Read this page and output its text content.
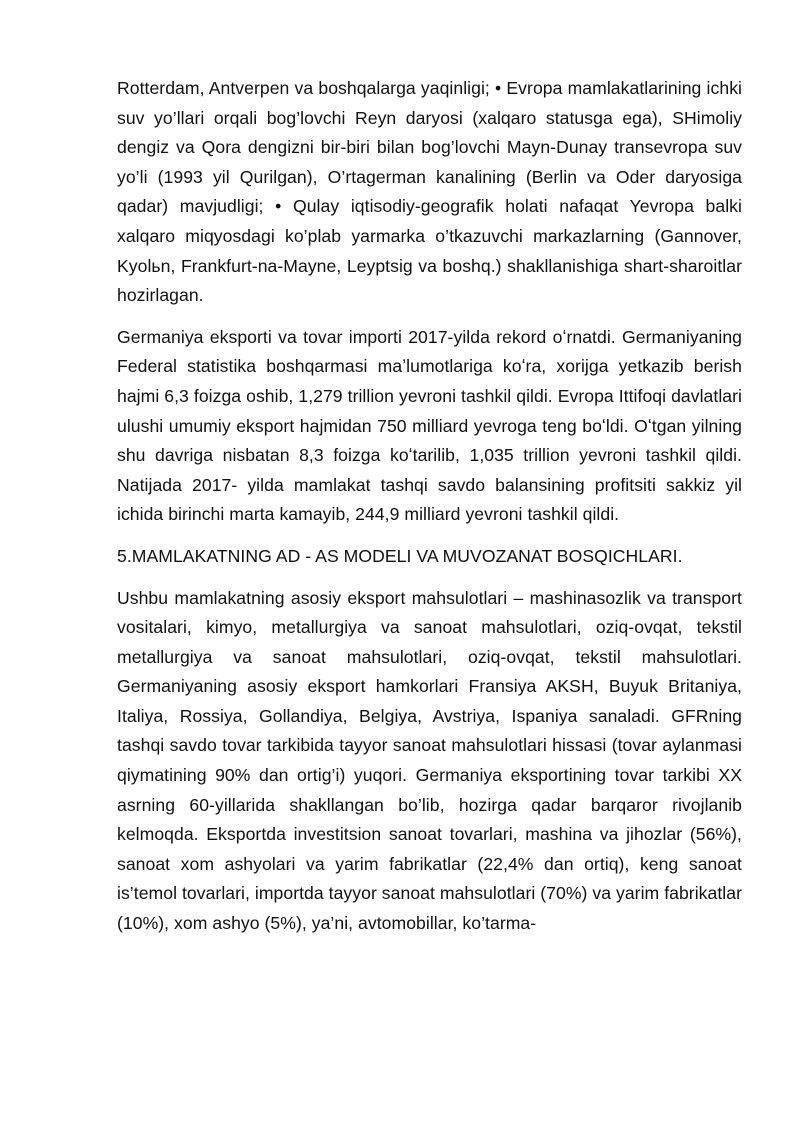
Rotterdam, Antverpen va boshqalarga yaqinligi; • Evropa mamlakatlarining ichki suv yo’llari orqali bog’lovchi Reyn daryosi (xalqaro statusga ega), SHimoliy dengiz va Qora dengizni bir-biri bilan bog’lovchi Mayn-Dunay transevropa suv yo’li (1993 yil Qurilgan), O’rtagerman kanalining (Berlin va Oder daryosiga qadar) mavjudligi; • Qulay iqtisodiy-geografik holati nafaqat Yevropa balki xalqaro miqyosdagi ko’plab yarmarka o’tkazuvchi markazlarning (Gannover, Kyolьn, Frankfurt-na-Mayne, Leyptsig va boshq.) shakllanishiga shart-sharoitlar hozirlagan.

Germaniya eksporti va tovar importi 2017-yilda rekord oʻrnatdi. Germaniyaning Federal statistika boshqarmasi maʼlumotlariga koʻra, xorijga yetkazib berish hajmi 6,3 foizga oshib, 1,279 trillion yevroni tashkil qildi. Evropa Ittifoqi davlatlari ulushi umumiy eksport hajmidan 750 milliard yevroga teng boʻldi. Oʻtgan yilning shu davriga nisbatan 8,3 foizga koʻtarilib, 1,035 trillion yevroni tashkil qildi. Natijada 2017- yilda mamlakat tashqi savdo balansining profitsiti sakkiz yil ichida birinchi marta kamayib, 244,9 milliard yevroni tashkil qildi.

5.MAMLAKATNING AD - AS MODELI VA MUVOZANAT BOSQICHLARI.

Ushbu mamlakatning asosiy eksport mahsulotlari – mashinasozlik va transport vositalari, kimyo, metallurgiya va sanoat mahsulotlari, oziq-ovqat, tekstil metallurgiya va sanoat mahsulotlari, oziq-ovqat, tekstil mahsulotlari. Germaniyaning asosiy eksport hamkorlari Fransiya AKSH, Buyuk Britaniya, Italiya, Rossiya, Gollandiya, Belgiya, Avstriya, Ispaniya sanaladi. GFRning tashqi savdo tovar tarkibida tayyor sanoat mahsulotlari hissasi (tovar aylanmasi qiymatining 90% dan ortig’i) yuqori. Germaniya eksportining tovar tarkibi XX asrning 60-yillarida shakllangan bo’lib, hozirga qadar barqaror rivojlanib kelmoqda. Eksportda investitsion sanoat tovarlari, mashina va jihozlar (56%), sanoat xom ashyolari va yarim fabrikatlar (22,4% dan ortiq), keng sanoat is’temol tovarlari, importda tayyor sanoat mahsulotlari (70%) va yarim fabrikatlar (10%), xom ashyo (5%), ya’ni, avtomobillar, ko’tarma-
